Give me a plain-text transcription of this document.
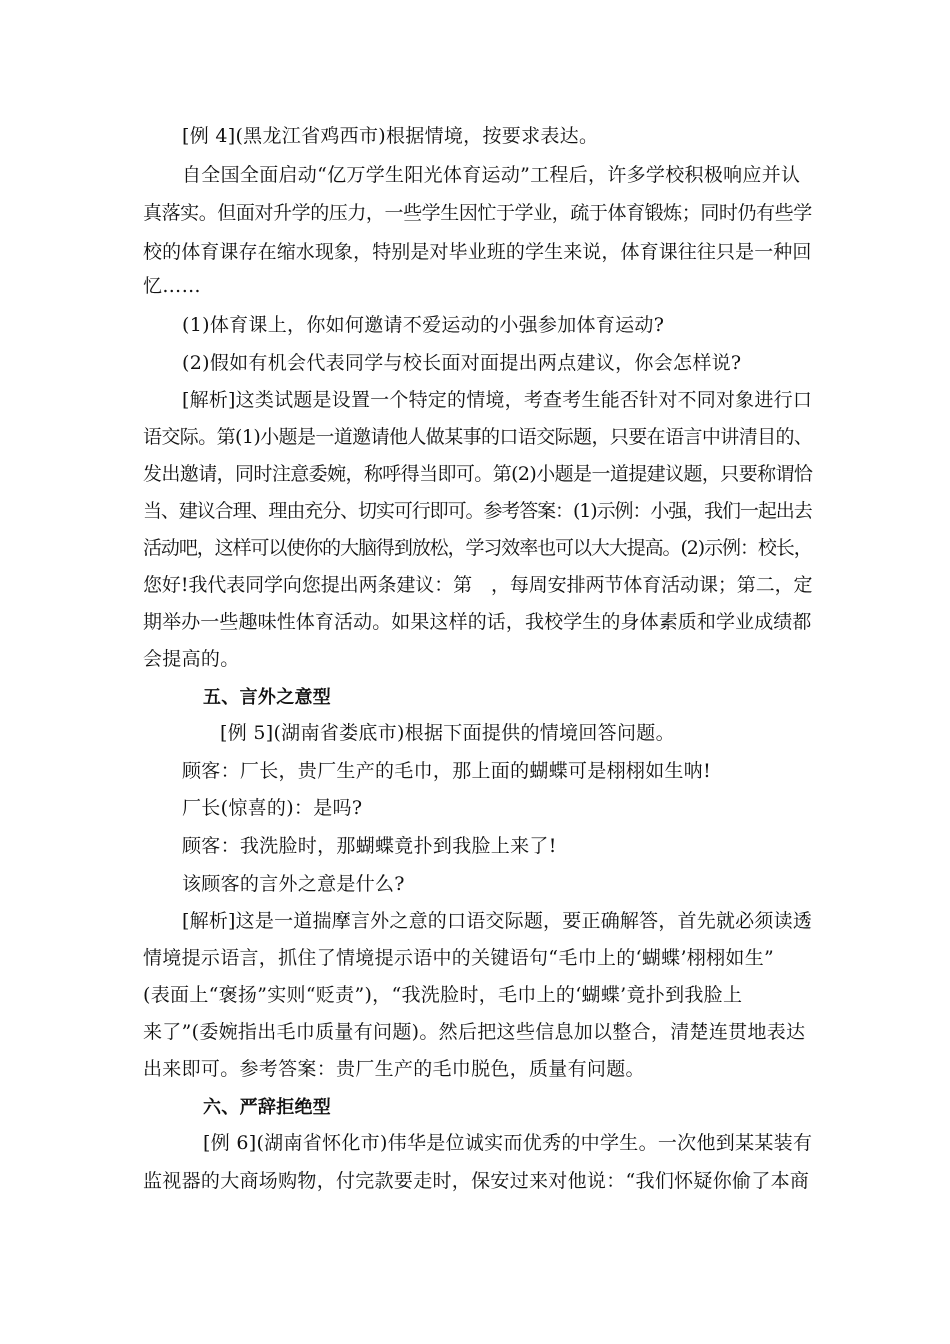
[例 4](黑龙江省鸡西市)根据情境，按要求表达。
自全国全面启动“亿万学生阳光体育运动”工程后，许多学校积极响应并认
真落实。但面对升学的压力，一些学生因忙于学业，疏于体育锻炼；同时仍有些学
校的体育课存在缩水现象，特别是对毕业班的学生来说，体育课往往只是一种回
忆……
(1)体育课上，你如何邀请不爱运动的小强参加体育运动?
(2)假如有机会代表同学与校长面对面提出两点建议，你会怎样说?
[解析]这类试题是设置一个特定的情境，考查考生能否针对不同对象进行口
语交际。第(1)小题是一道邀请他人做某事的口语交际题，只要在语言中讲清目的、
发出邀请，同时注意委婉，称呼得当即可。第(2)小题是一道提建议题，只要称谓恰
当、建议合理、理由充分、切实可行即可。参考答案：(1)示例：小强，我们一起出去
活动吧，这样可以使你的大脑得到放松，学习效率也可以大大提高。(2)示例：校长，
您好!我代表同学向您提出两条建议：第　，每周安排两节体育活动课；第二，定
期举办一些趣味性体育活动。如果这样的话，我校学生的身体素质和学业成绩都
会提高的。
五、言外之意型
[例 5](湖南省娄底市)根据下面提供的情境回答问题。
顾客：厂长，贵厂生产的毛巾，那上面的蝴蝶可是栩栩如生呐!
厂长(惊喜的)：是吗?
顾客：我洗脸时，那蝴蝶竟扑到我脸上来了!
该顾客的言外之意是什么?
[解析]这是一道揣摩言外之意的口语交际题，要正确解答，首先就必须读透
情境提示语言，抓住了情境提示语中的关键语句“毛巾上的‘蝴蝶’栩栩如生”
(表面上“褒扬”实则“贬责”)，“我洗脸时，毛巾上的‘蝴蝶’竟扑到我脸上
来了”(委婉指出毛巾质量有问题)。然后把这些信息加以整合，清楚连贯地表达
出来即可。参考答案：贵厂生产的毛巾脱色，质量有问题。
六、严辞拒绝型
[例 6](湖南省怀化市)伟华是位诚实而优秀的中学生。一次他到某某装有
监视器的大商场购物，付完款要走时，保安过来对他说：“我们怀疑你偷了本商
